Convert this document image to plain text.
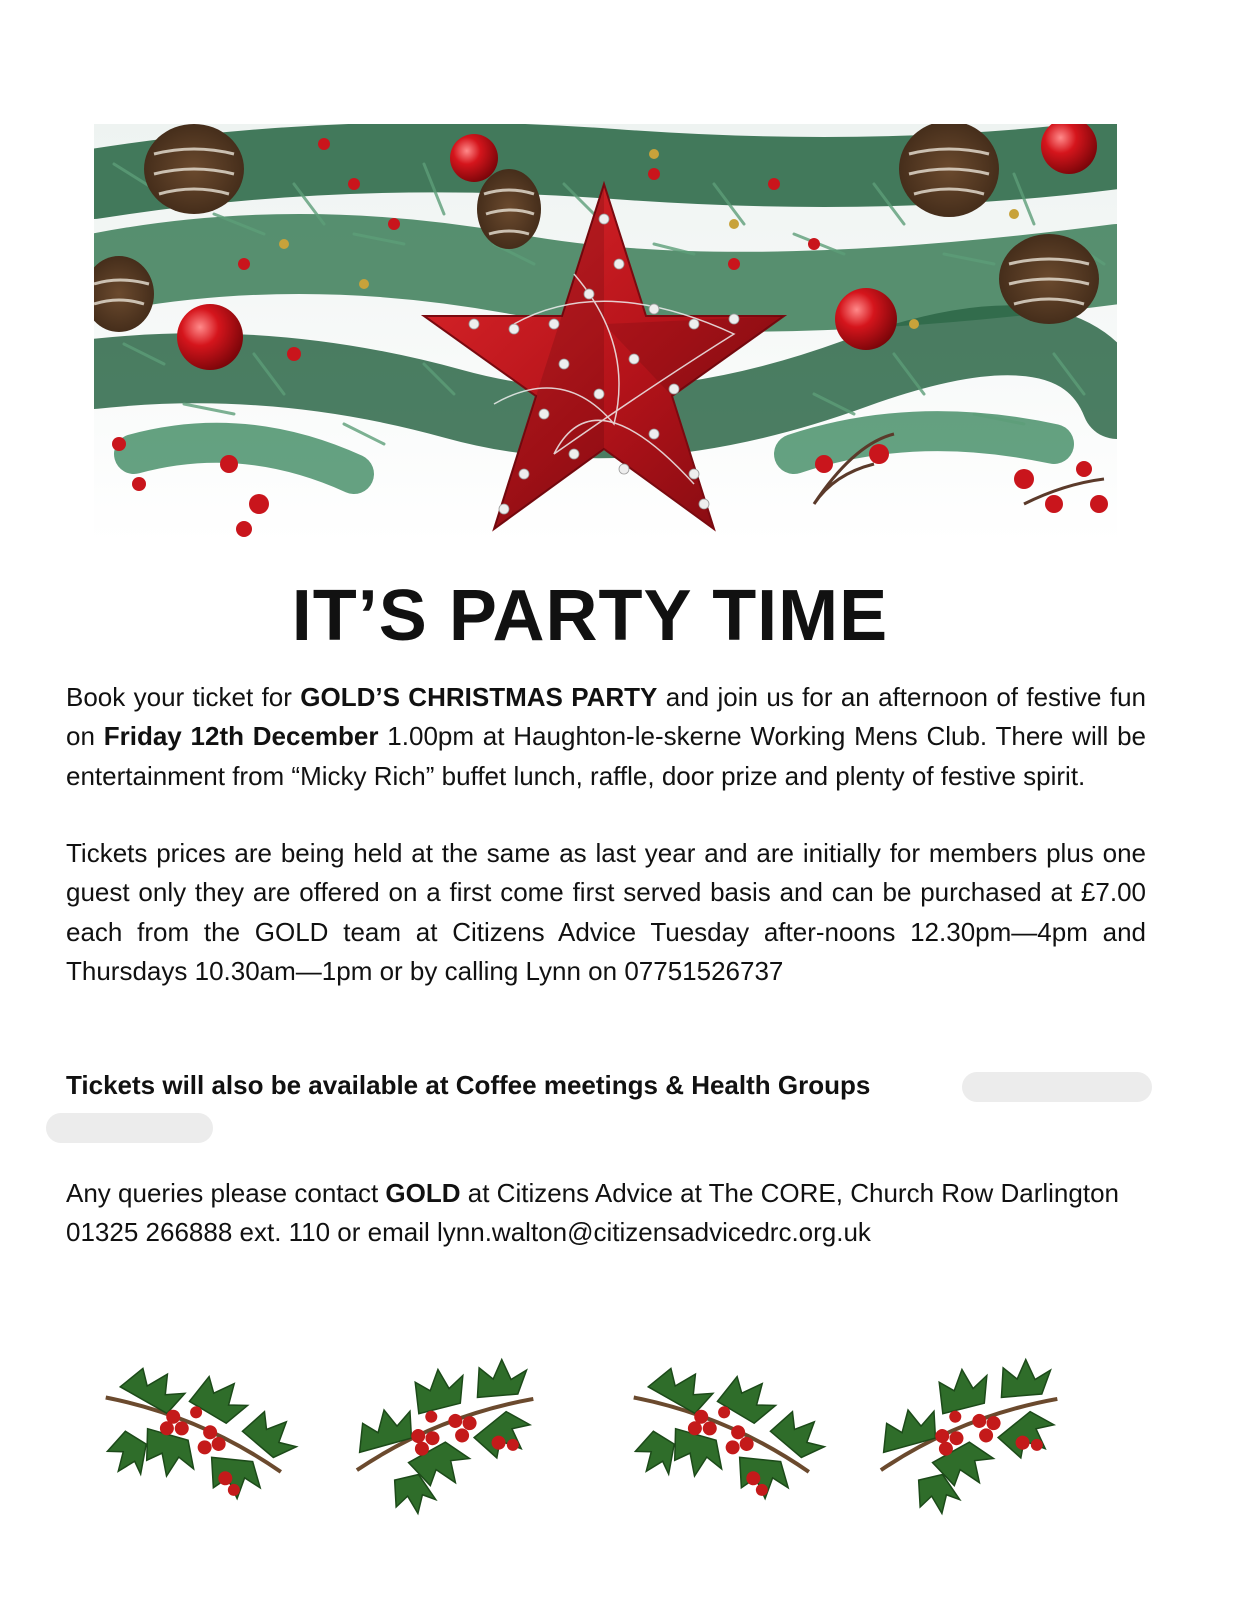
IT’S PARTY TIME

Book your ticket for GOLD’S CHRISTMAS PARTY and join us for an afternoon of festive fun on Friday 12th December 1.00pm at Haughton-le-skerne Working Mens Club. There will be entertainment from “Micky Rich” buffet lunch, raffle, door prize and plenty of festive spirit.

Tickets prices are being held at the same as last year and are initially for members plus one guest only they are offered on a first come first served basis and can be purchased at £7.00 each from the GOLD team at Citizens Advice Tuesday after-noons 12.30pm—4pm and Thursdays 10.30am—1pm or by calling Lynn on 07751526737

Tickets will also be available at Coffee meetings & Health Groups

Any queries please contact GOLD at Citizens Advice at The CORE, Church Row Darlington 01325 266888 ext. 110 or email lynn.walton@citizensadvicedrc.org.uk
